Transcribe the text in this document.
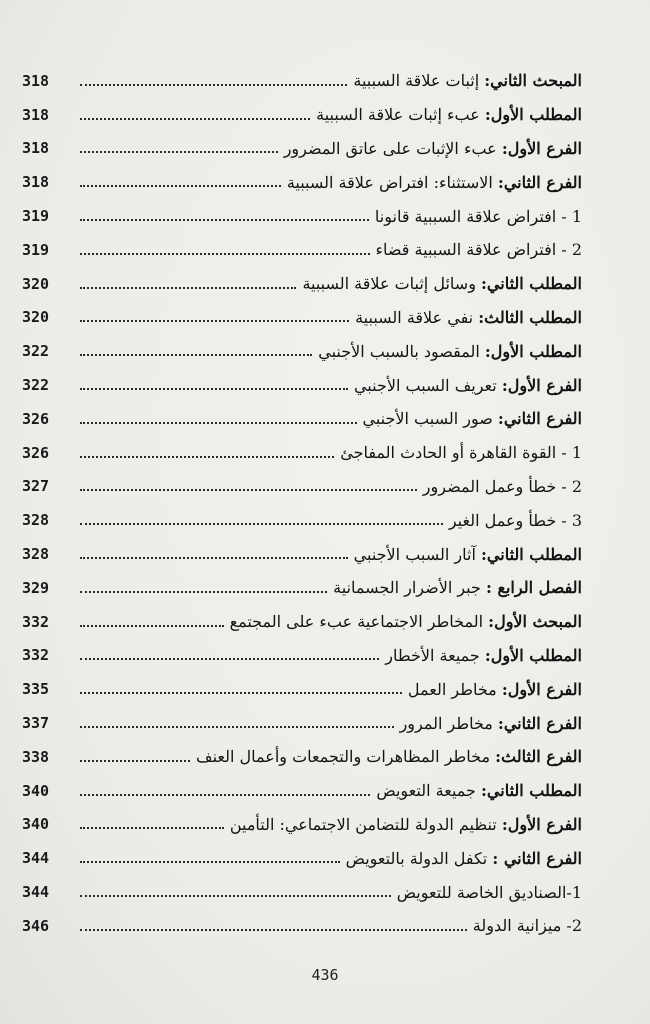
318	المبحث الثاني: إثبات علاقة السببية
318	المطلب الأول: عبء إثبات علاقة السببية
318	الفرع الأول: عبء الإثبات على عاتق المضرور
318	الفرع الثاني: الاستثناء: افتراض علاقة السببية
319	1 - افتراض علاقة السببية قانونا
319	2 - افتراض علاقة السببية قضاء
320	المطلب الثاني: وسائل إثبات علاقة السببية
320	المطلب الثالث: نفي علاقة السببية
322	المطلب الأول: المقصود بالسبب الأجنبي
322	الفرع الأول: تعريف السبب الأجنبي
326	الفرع الثاني: صور السبب الأجنبي
326	1 - القوة القاهرة أو الحادث المفاجئ
327	2 - خطأ وعمل المضرور
328	3 - خطأ وعمل الغير
328	المطلب الثاني: آثار السبب الأجنبي
329	الفصل الرابع : جبر الأضرار الجسمانية
332	المبحث الأول: المخاطر الاجتماعية عبء على المجتمع
332	المطلب الأول: جميعة الأخطار
335	الفرع الأول: مخاطر العمل
337	الفرع الثاني: مخاطر المرور
338	الفرع الثالث: مخاطر المظاهرات والتجمعات وأعمال العنف
340	المطلب الثاني: جميعة التعويض
340	الفرع الأول: تنظيم الدولة للتضامن الاجتماعي: التأمين
344	الفرع الثاني : تكفل الدولة بالتعويض
344	1-الصناديق الخاصة للتعويض
346	2- ميزانية الدولة
436
